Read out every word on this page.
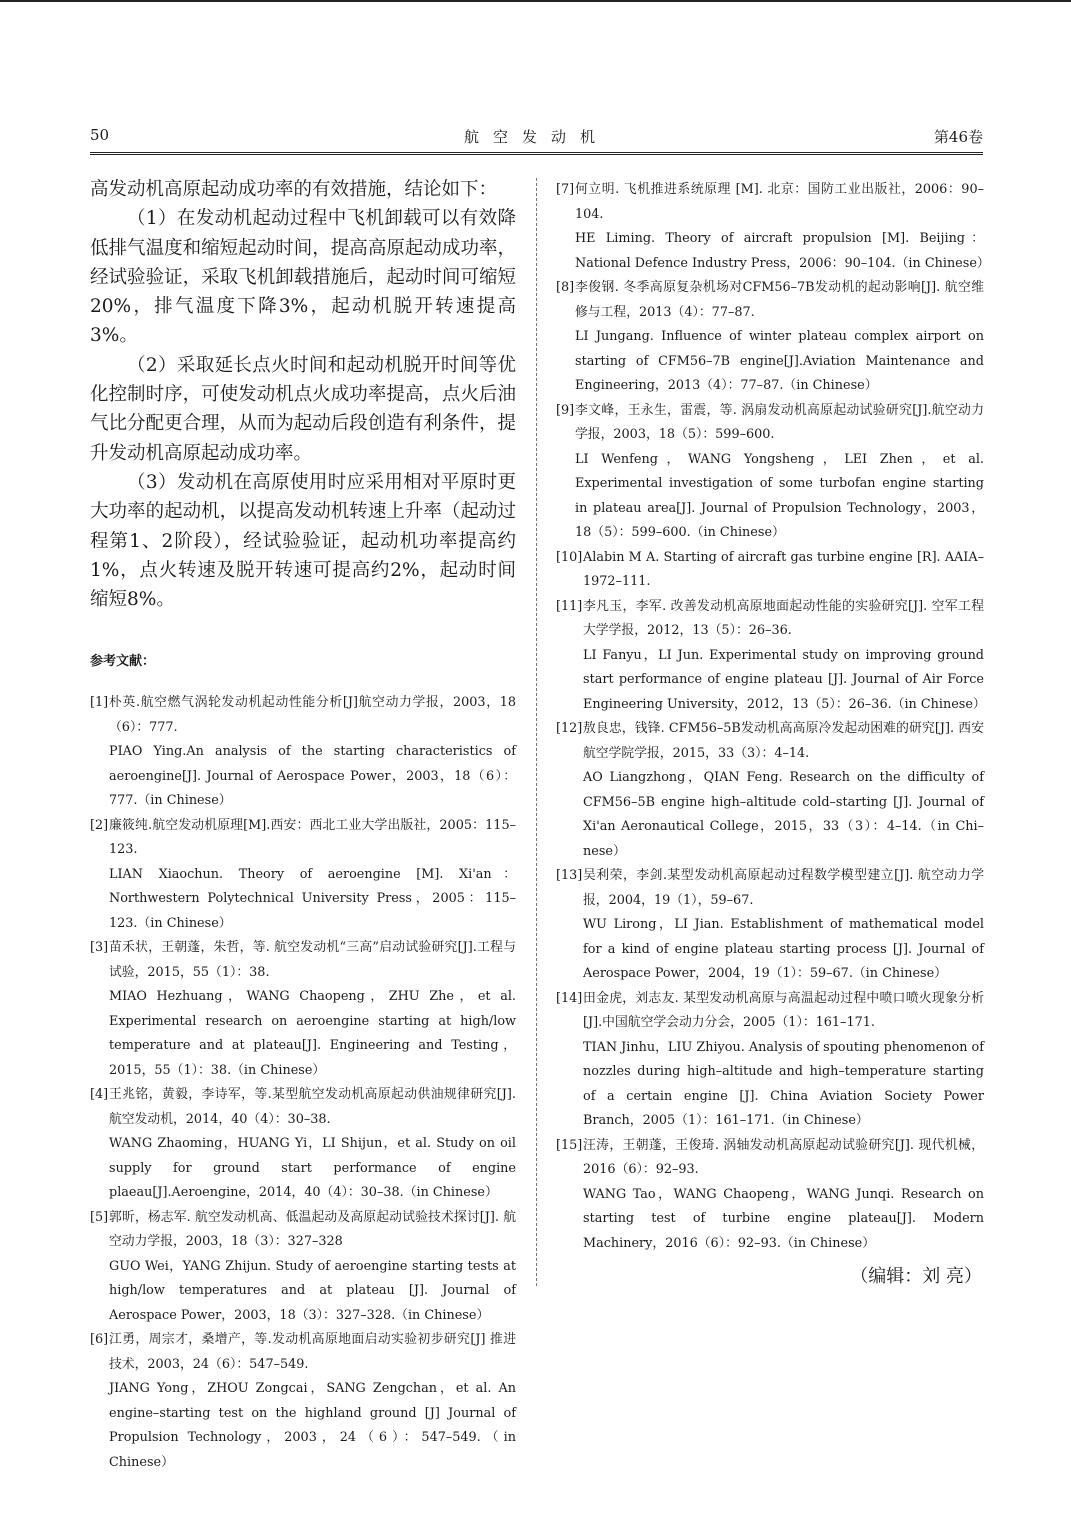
50	航空发动机	第46卷

高发动机高原起动成功率的有效措施，结论如下：

（1）在发动机起动过程中飞机卸载可以有效降低排气温度和缩短起动时间，提高高原起动成功率，经试验验证，采取飞机卸载措施后，起动时间可缩短20%，排气温度下降3%，起动机脱开转速提高3%。

（2）采取延长点火时间和起动机脱开时间等优化控制时序，可使发动机点火成功率提高，点火后油气比分配更合理，从而为起动后段创造有利条件，提升发动机高原起动成功率。

（3）发动机在高原使用时应采用相对平原时更大功率的起动机，以提高发动机转速上升率（起动过程第1、2阶段），经试验验证，起动机功率提高约1%，点火转速及脱开转速可提高约2%，起动时间缩短8%。

参考文献：
[1] 朴英.航空燃气涡轮发动机起动性能分析[J]航空动力学报，2003，18（6）：777.
PIAO Ying.An analysis of the starting characteristics of aeroengine[J]. Journal of Aerospace Power，2003，18（6）：777.（in Chinese）
[2] 廉筱纯.航空发动机原理[M].西安：西北工业大学出版社，2005：115–123.
LIAN Xiaochun. Theory of aeroengine [M]. Xi'an：Northwestern Polytechnical University Press，2005：115–123.（in Chinese）
[3] 苗禾状，王朝蓬，朱哲，等. 航空发动机“三高”启动试验研究[J].工程与试验，2015，55（1）：38.
MIAO Hezhuang，WANG Chaopeng，ZHU Zhe，et al. Experimental research on aeroengine starting at high/low temperature and at plateau[J]. Engineering and Testing，2015，55（1）：38.（in Chinese）
[4] 王兆铭，黄毅，李诗军，等.某型航空发动机高原起动供油规律研究[J].航空发动机，2014，40（4）：30–38.
WANG Zhaoming，HUANG Yi，LI Shijun，et al. Study on oil supply for ground start performance of engine plaeau[J].Aeroengine，2014，40（4）：30–38.（in Chinese）
[5] 郭昕，杨志军. 航空发动机高、低温起动及高原起动试验技术探讨[J]. 航空动力学报，2003，18（3）：327–328
GUO Wei，YANG Zhijun. Study of aeroengine starting tests at high/low temperatures and at plateau [J]. Journal of Aerospace Power，2003，18（3）：327–328.（in Chinese）
[6] 江勇，周宗才，桑增产，等.发动机高原地面启动实验初步研究[J] 推进技术，2003，24（6）：547–549.
JIANG Yong，ZHOU Zongcai，SANG Zengchan，et al. An engine–starting test on the highland ground [J] Journal of Propulsion Technology，2003，24（6）：547–549.（in Chinese）
[7] 何立明. 飞机推进系统原理 [M]. 北京：国防工业出版社，2006：90–104.
HE Liming. Theory of aircraft propulsion [M]. Beijing：National Defence Industry Press，2006：90–104.（in Chinese）
[8] 李俊钢. 冬季高原复杂机场对CFM56–7B发动机的起动影响[J]. 航空维修与工程，2013（4）：77–87.
LI Jungang. Influence of winter plateau complex airport on starting of CFM56–7B engine[J].Aviation Maintenance and Engineering，2013（4）：77–87.（in Chinese）
[9] 李文峰，王永生，雷震，等. 涡扇发动机高原起动试验研究[J].航空动力学报，2003，18（5）：599–600.
LI Wenfeng，WANG Yongsheng，LEI Zhen，et al. Experimental investigation of some turbofan engine starting in plateau area[J]. Journal of Propulsion Technology，2003，18（5）：599–600.（in Chinese）
[10] Alabin M A. Starting of aircraft gas turbine engine [R]. AAIA–1972–111.
[11] 李凡玉，李军. 改善发动机高原地面起动性能的实验研究[J]. 空军工程大学学报，2012，13（5）：26–36.
LI Fanyu，LI Jun. Experimental study on improving ground start performance of engine plateau [J]. Journal of Air Force Engineering University，2012，13（5）：26–36.（in Chinese）
[12] 敖良忠，钱锋. CFM56–5B发动机高高原冷发起动困难的研究[J]. 西安航空学院学报，2015，33（3）：4–14.
AO Liangzhong，QIAN Feng. Research on the difficulty of CFM56–5B engine high–altitude cold–starting [J]. Journal of Xi'an Aeronautical College，2015，33（3）：4–14.（in Chi–nese）
[13] 吴利荣，李剑.某型发动机高原起动过程数学模型建立[J]. 航空动力学报，2004，19（1），59–67.
WU Lirong，LI Jian. Establishment of mathematical model for a kind of engine plateau starting process [J]. Journal of Aerospace Power，2004，19（1）：59–67.（in Chinese）
[14] 田金虎，刘志友. 某型发动机高原与高温起动过程中喷口喷火现象分析[J].中国航空学会动力分会，2005（1）：161–171.
TIAN Jinhu，LIU Zhiyou. Analysis of spouting phenomenon of nozzles during high–altitude and high–temperature starting of a certain engine [J]. China Aviation Society Power Branch，2005（1）：161–171.（in Chinese）
[15] 汪涛，王朝蓬，王俊琦. 涡轴发动机高原起动试验研究[J]. 现代机械，2016（6）：92–93.
WANG Tao，WANG Chaopeng，WANG Junqi. Research on starting test of turbine engine plateau[J]. Modern Machinery，2016（6）：92–93.（in Chinese）
（编辑：刘 亮）
